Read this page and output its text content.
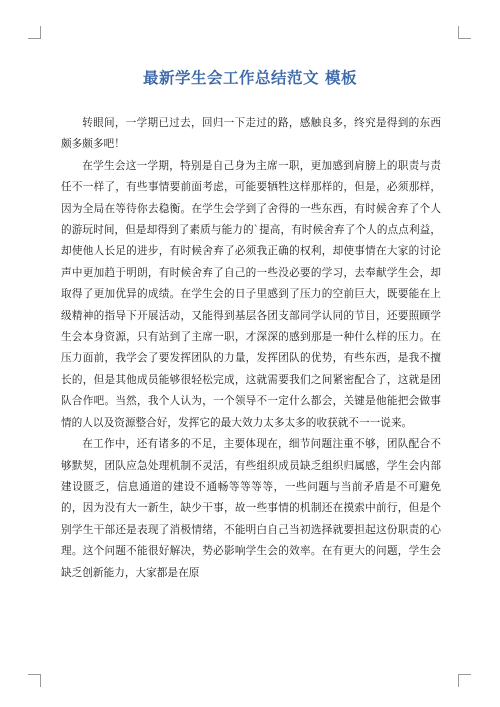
最新学生会工作总结范文 模板

转眼间，一学期已过去，回归一下走过的路，感触良多，终究是得到的东西颇多颇多吧！

在学生会这一学期，特别是自己身为主席一职，更加感到肩膀上的职责与责任不一样了，有些事情要前面考虑，可能要牺牲这样那样的，但是，必须那样，因为全局在等待你去稳衡。在学生会学到了舍得的一些东西，有时候舍弃了个人的游玩时间，但是却得到了素质与能力的`提高，有时候舍弃了个人的点点利益，却使他人长足的进步，有时候舍弃了必须我正确的权利，却使事情在大家的讨论声中更加趋于明朗，有时候舍弃了自己的一些没必要的学习，去奉献学生会，却取得了更加优异的成绩。在学生会的日子里感到了压力的空前巨大，既要能在上级精神的指导下开展活动，又能得到基层各团支部同学认同的节目，还要照顾学生会本身资源，只有站到了主席一职，才深深的感到那是一种什么样的压力。在压力面前，我学会了要发挥团队的力量，发挥团队的优势，有些东西，是我不擅长的，但是其他成员能够很轻松完成，这就需要我们之间紧密配合了，这就是团队合作吧。当然，我个人认为，一个领导不一定什么都会，关键是他能把会做事情的人以及资源整合好，发挥它的最大效力太多太多的收获就不一一说来。

在工作中，还有诸多的不足，主要体现在，细节问题注重不够，团队配合不够默契，团队应急处理机制不灵活，有些组织成员缺乏组织归属感，学生会内部建设匮乏，信息通道的建设不通畅等等等等，一些问题与当前矛盾是不可避免的，因为没有大一新生，缺少干事，故一些事情的机制还在摸索中前行，但是个别学生干部还是表现了消极情绪，不能明白自己当初选择就要担起这份职责的心理。这个问题不能很好解决，势必影响学生会的效率。在有更大的问题，学生会缺乏创新能力，大家都是在原
